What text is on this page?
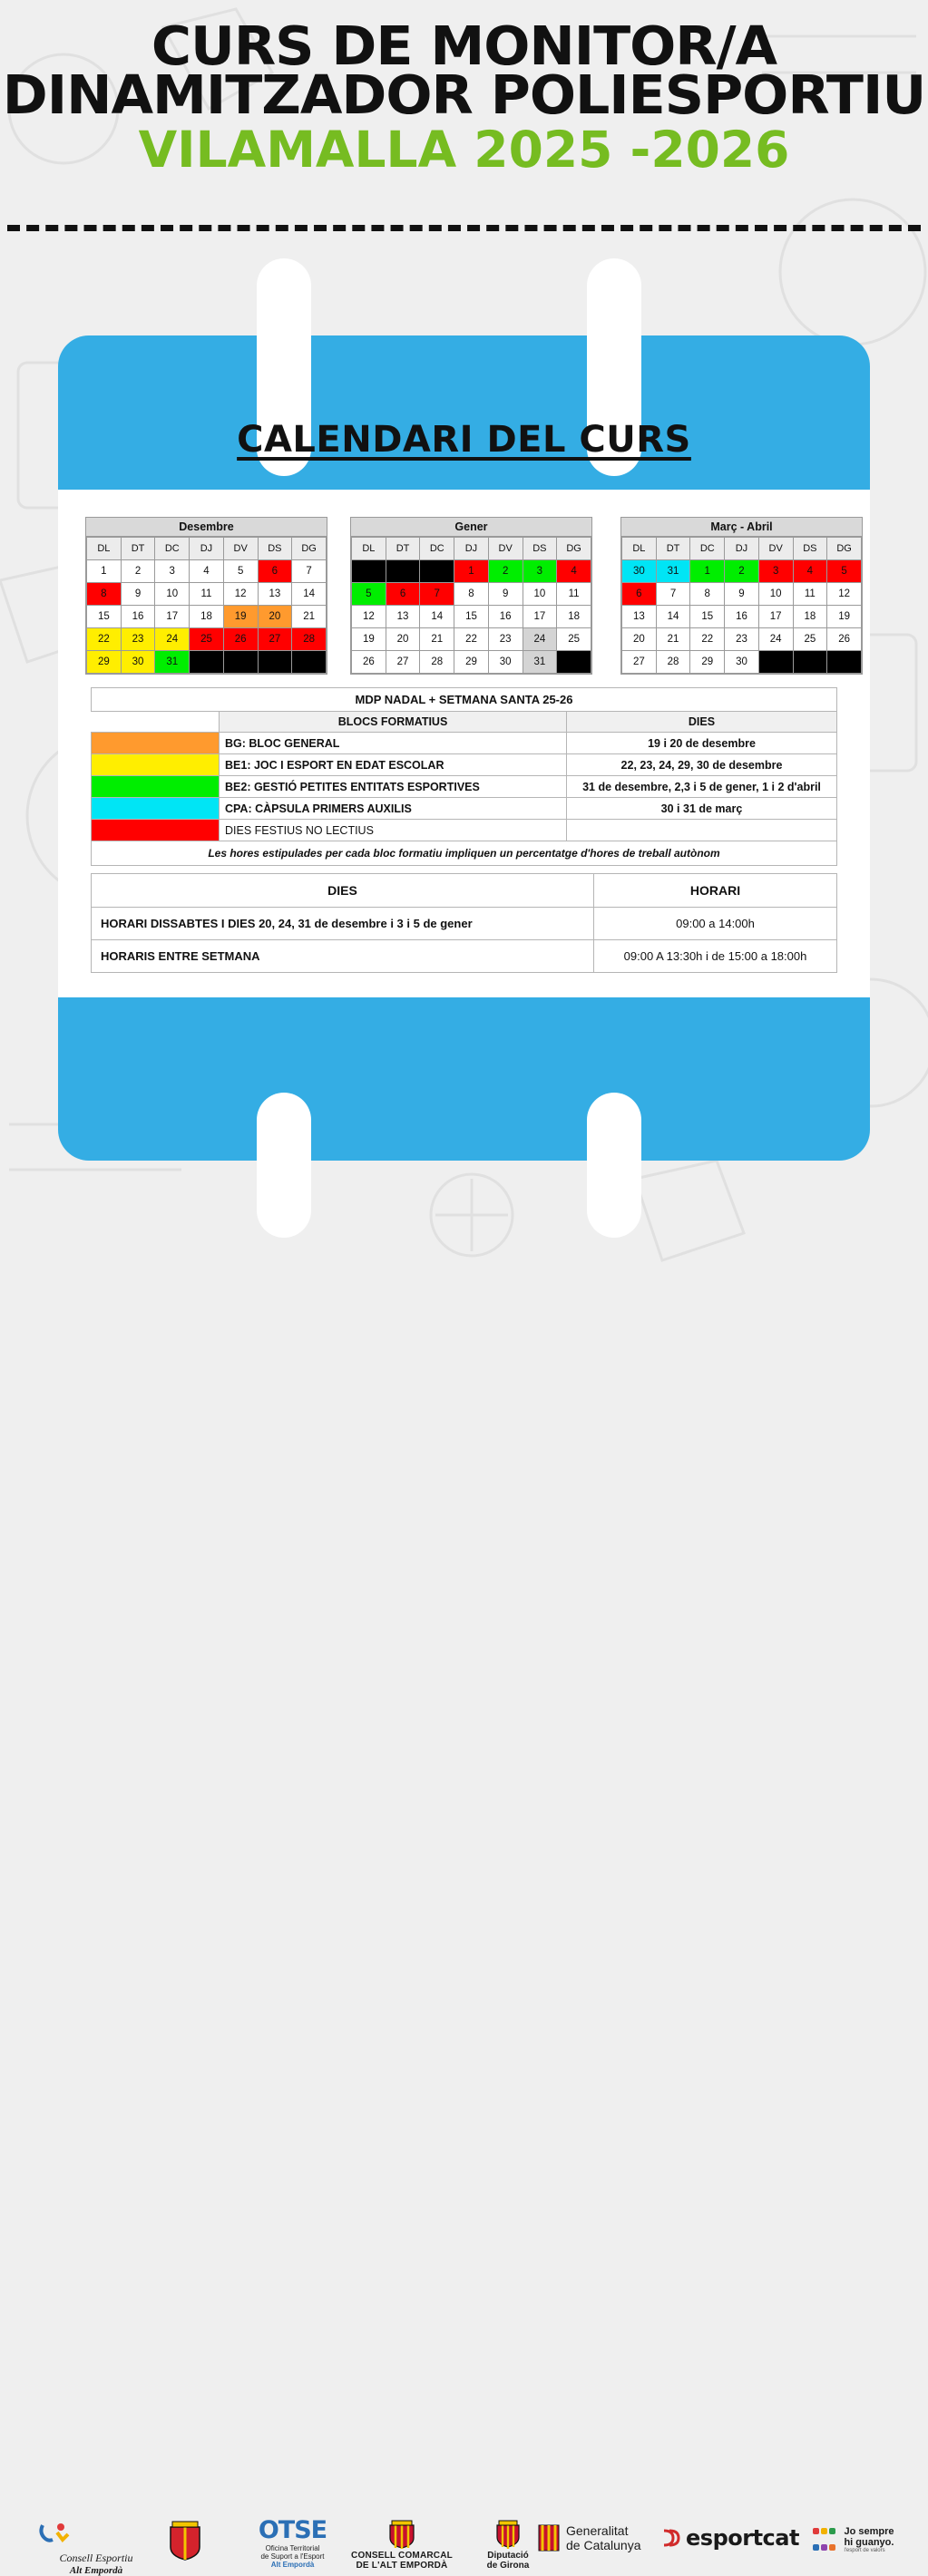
CURS DE MONITOR/A
DINAMITZADOR POLIESPORTIU
VILAMALLA 2025 -2026
CALENDARI DEL CURS
Desembre
DL	DT	DC	DJ	DV	DS	DG
1	2	3	4	5	6	7
8	9	10	11	12	13	14
15	16	17	18	19	20	21
22	23	24	25	26	27	28
29	30	31				
Gener
DL	DT	DC	DJ	DV	DS	DG
			1	2	3	4
5	6	7	8	9	10	11
12	13	14	15	16	17	18
19	20	21	22	23	24	25
26	27	28	29	30	31	
Març - Abril
DL	DT	DC	DJ	DV	DS	DG
30	31	1	2	3	4	5
6	7	8	9	10	11	12
13	14	15	16	17	18	19
20	21	22	23	24	25	26
27	28	29	30			
MDP NADAL + SETMANA SANTA 25-26		
	BLOCS FORMATIUS	DIES
	BG: BLOC GENERAL	19 i 20 de desembre
	BE1: JOC I ESPORT EN EDAT ESCOLAR	22, 23, 24, 29, 30 de desembre
	BE2: GESTIÓ PETITES ENTITATS ESPORTIVES	31 de desembre, 2,3 i 5 de gener, 1 i 2 d'abril
	CPA: CÀPSULA PRIMERS AUXILIS	30 i 31 de març
	DIES FESTIUS NO LECTIUS	
Les hores estipulades per cada bloc formatiu impliquen un percentatge d'hores de treball autònom		
DIES	HORARI
HORARI DISSABTES I DIES 20, 24, 31 de desembre i 3 i 5 de gener	09:00 a 14:00h
HORARIS ENTRE SETMANA	09:00 A 13:30h i de 15:00 a 18:00h
Consell Esportiu
Alt Empordà
OTSE
Oficina Territorial
de Suport a l'Esport
Alt Empordà
CONSELL COMARCAL
DE L'ALT EMPORDÀ
Diputació
de Girona
Generalitat
de Catalunya	esportcat
	Jo sempre
hi guanyo.
l'esport de valors
